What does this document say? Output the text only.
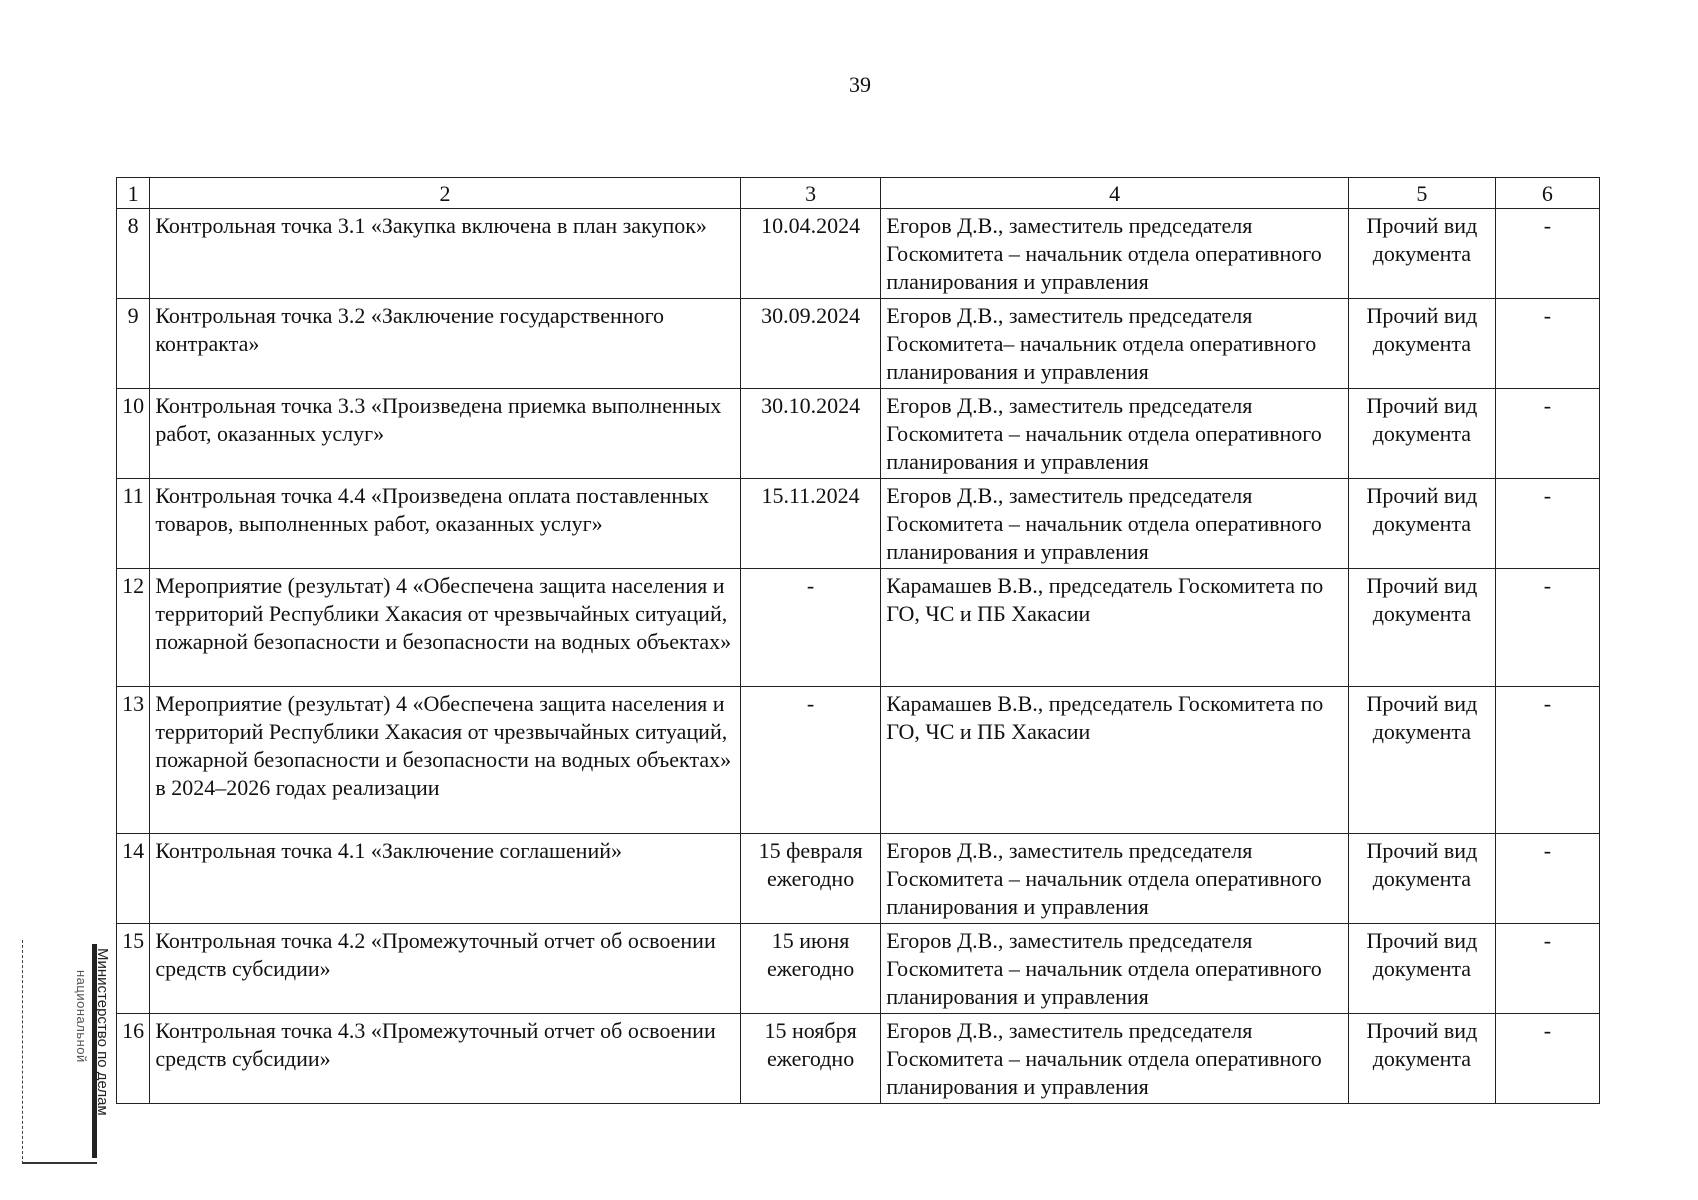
39
1	2	3	4	5	6
8	Контрольная точка 3.1 «Закупка включена в план закупок»	10.04.2024	Егоров Д.В., заместитель председателя Госкомитета – начальник отдела оперативного планирования и управления	Прочий вид документа	-
9	Контрольная точка 3.2 «Заключение государственного контракта»	30.09.2024	Егоров Д.В., заместитель председателя Госкомитета– начальник отдела оперативного планирования и управления	Прочий вид документа	-
10	Контрольная точка 3.3 «Произведена приемка выполненных работ, оказанных услуг»	30.10.2024	Егоров Д.В., заместитель председателя Госкомитета – начальник отдела оперативного планирования и управления	Прочий вид документа	-
11	Контрольная точка 4.4 «Произведена оплата поставленных товаров, выполненных работ, оказанных услуг»	15.11.2024	Егоров Д.В., заместитель председателя Госкомитета – начальник отдела оперативного планирования и управления	Прочий вид документа	-
12	Мероприятие (результат) 4 «Обеспечена защита населения и территорий Республики Хакасия от чрезвычайных ситуаций, пожарной безопасности и безопасности на водных объектах»	-	Карамашев В.В., председатель Госкомитета по ГО, ЧС и ПБ Хакасии	Прочий вид документа	-
13	Мероприятие (результат) 4 «Обеспечена защита населения и территорий Республики Хакасия от чрезвычайных ситуаций, пожарной безопасности и безопасности на водных объектах» в 2024–2026 годах реализации	-	Карамашев В.В., председатель Госкомитета по ГО, ЧС и ПБ Хакасии	Прочий вид документа	-
14	Контрольная точка 4.1 «Заключение соглашений»	15 февраля ежегодно	Егоров Д.В., заместитель председателя Госкомитета – начальник отдела оперативного планирования и управления	Прочий вид документа	-
15	Контрольная точка 4.2 «Промежуточный отчет об освоении средств субсидии»	15 июня ежегодно	Егоров Д.В., заместитель председателя Госкомитета – начальник отдела оперативного планирования и управления	Прочий вид документа	-
16	Контрольная точка 4.3 «Промежуточный отчет об освоении средств субсидии»	15 ноября ежегодно	Егоров Д.В., заместитель председателя Госкомитета – начальник отдела оперативного планирования и управления	Прочий вид документа	-
Министерство по делам
национальной
